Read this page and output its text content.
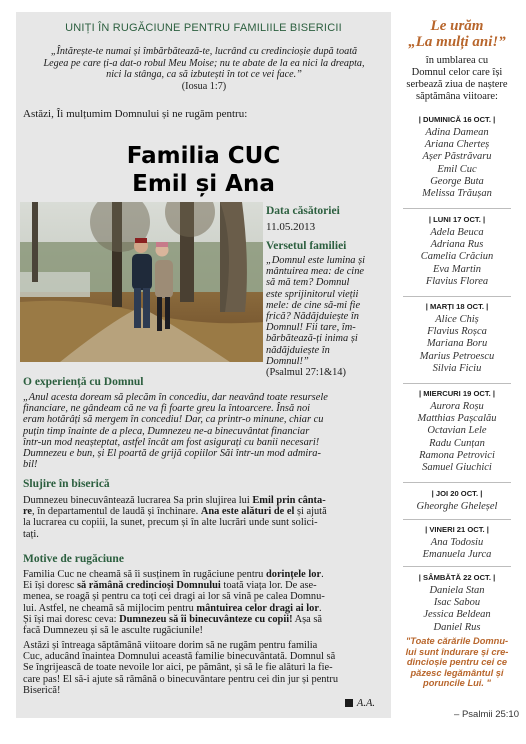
UNIȚI ÎN RUGĂCIUNE PENTRU FAMILIILE BISERICII
„Întărește-te numai și îmbărbătează-te, lucrând cu credincioșie după toată
Legea pe care ți-a dat-o robul Meu Moise; nu te abate de la ea nici la dreapta,
nici la stânga, ca să izbutești în tot ce vei face.”
(Iosua 1:7)
Astăzi, Îi mulțumim Domnului și ne rugăm pentru:
Familia CUC
Emil și Ana
Data căsătoriei
11.05.2013
Versetul familiei
„Domnul este lumina și
mântuirea mea: de cine
să mă tem? Domnul
este sprijinitorul vieții
mele: de cine să-mi fie
frică? Nădăjduiește în
Domnul! Fii tare, îm-
bărbătează-ți inima și
nădăjduiește în
Domnul!”
(Psalmul 27:1&14)
O experiență cu Domnul
„Anul acesta doream să plecăm în concediu, dar neavând toate resursele
financiare, ne gândeam că ne va fi foarte greu la întoarcere. Însă noi
eram hotărâți să mergem în concediu! Dar, ca printr-o minune, chiar cu
puțin timp înainte de a pleca, Dumnezeu ne-a binecuvântat financiar
într-un mod neașteptat, astfel încât am fost asigurați cu banii necesari!
Dumnezeu e bun, și El poartă de grijă copiilor Săi într-un mod admira-
bil!
Slujire în biserică
Dumnezeu binecuvântează lucrarea Sa prin slujirea lui Emil prin cânta-
re, în departamentul de laudă și închinare. Ana este alături de el și ajută
la lucrarea cu copiii, la sunet, precum și în alte lucrări unde sunt solici-
tați.
Motive de rugăciune
Familia Cuc ne cheamă să îi susținem în rugăciune pentru dorințele lor.
Ei își doresc să rămână credincioși Domnului toată viața lor. De ase-
menea, se roagă și pentru ca toți cei dragi ai lor să vină pe calea Domnu-
lui. Astfel, ne cheamă să mijlocim pentru mântuirea celor dragi ai lor.
Și își mai doresc ceva: Dumnezeu să îi binecuvânteze cu copii! Așa să
facă Dumnezeu și să le asculte rugăciunile!
Astăzi și întreaga săptămână viitoare dorim să ne rugăm pentru familia
Cuc, aducând înaintea Domnului această familie binecuvântată. Domnul să
Se îngrijească de toate nevoile lor aici, pe pământ, și să le fie alături la fie-
care pas! El să-i ajute să rămână o binecuvântare pentru cei din jur și pentru
Biserică!
A.A.
Le urăm
„La mulți ani!”
în umblarea cu
Domnul celor care își
serbează ziua de naștere
săptămâna viitoare:
| DUMINICĂ 16 OCT. |
Adina Damean
Ariana Cherteș
Așer Păstrăvaru
Emil Cuc
George Buta
Melissa Trăușan
| LUNI 17 OCT. |
Adela Beuca
Adriana Rus
Camelia Crăciun
Eva Martin
Flavius Florea
| MARȚI 18 OCT. |
Alice Chiș
Flavius Roșca
Mariana Boru
Marius Petroescu
Silvia Ficiu
| MIERCURI 19 OCT. |
Aurora Roșu
Matthias Pașcalău
Octavian Lele
Radu Cunțan
Ramona Petrovici
Samuel Giuchici
| JOI 20 OCT. |
Gheorghe Gheleșel
| VINERI 21 OCT. |
Ana Todosiu
Emanuela Jurca
| SÂMBĂTĂ 22 OCT. |
Daniela Stan
Isac Sabou
Jessica Beldean
Daniel Rus
"Toate cărările Domnu-
lui sunt îndurare și cre-
dincioșie pentru cei ce
păzesc legământul și
poruncile Lui. "
– Psalmii 25:10
